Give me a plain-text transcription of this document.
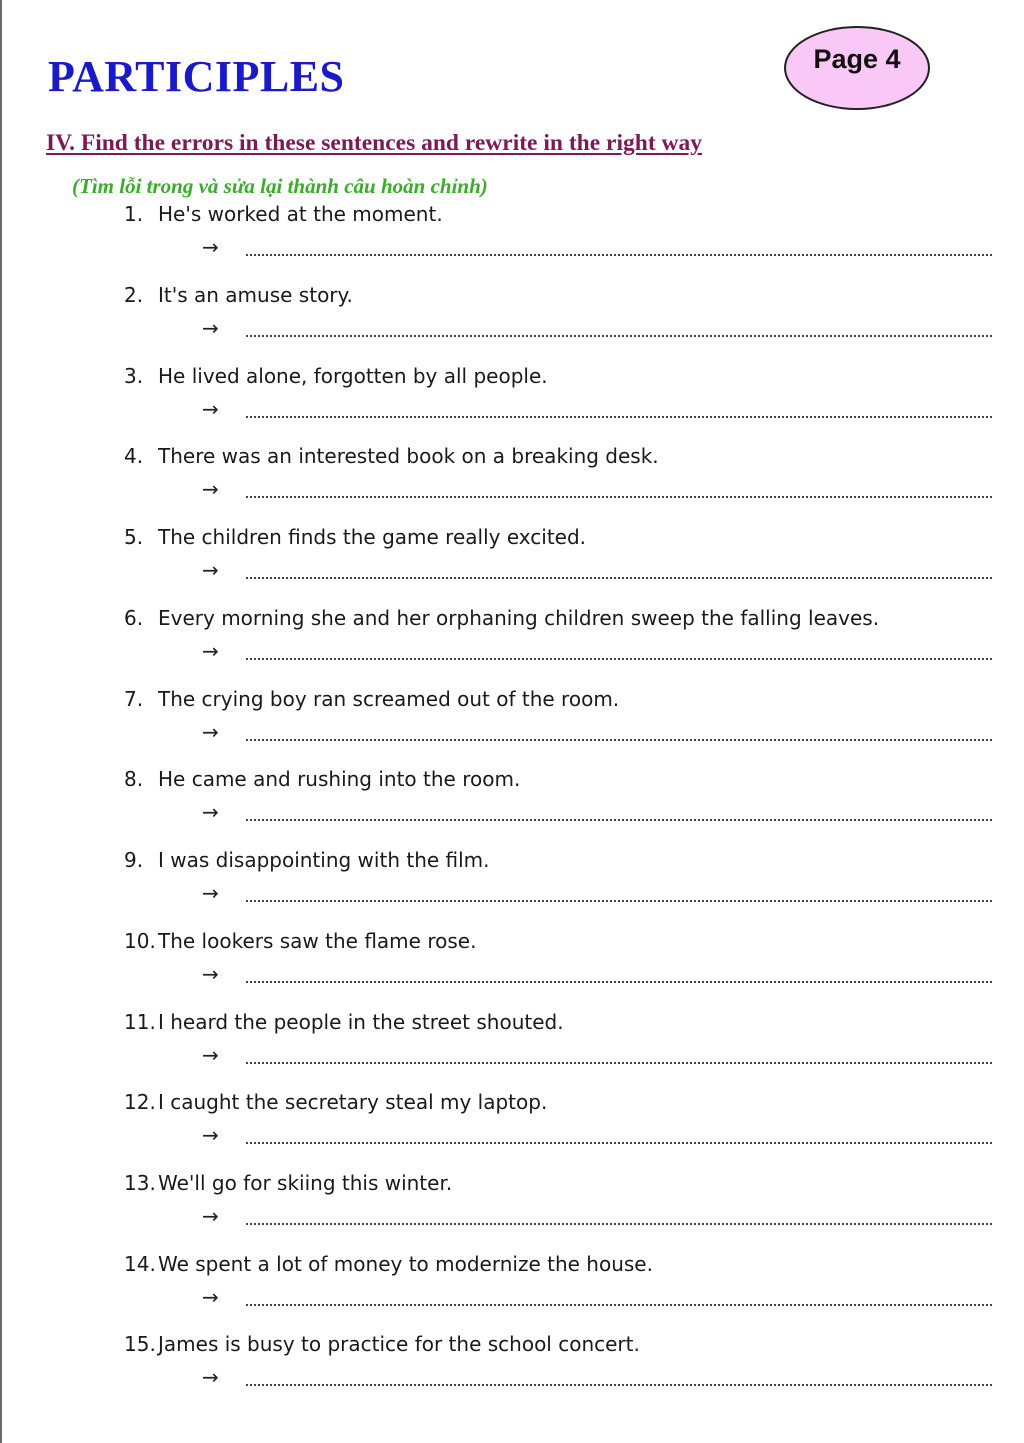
PARTICIPLES	Page 4
IV. Find the errors in these sentences and rewrite in the right way

(Tìm lỗi trong và sửa lại thành câu hoàn chỉnh)

1. He's worked at the moment.
→
2. It's an amuse story.
→
3. He lived alone, forgotten by all people.
→
4. There was an interested book on a breaking desk.
→
5. The children finds the game really excited.
→
6. Every morning she and her orphaning children sweep the falling leaves.
→
7. The crying boy ran screamed out of the room.
→
8. He came and rushing into the room.
→
9. I was disappointing with the film.
→
10. The lookers saw the flame rose.
→
11. I heard the people in the street shouted.
→
12. I caught the secretary steal my laptop.
→
13. We'll go for skiing this winter.
→
14. We spent a lot of money to modernize the house.
→
15. James is busy to practice for the school concert.
→
